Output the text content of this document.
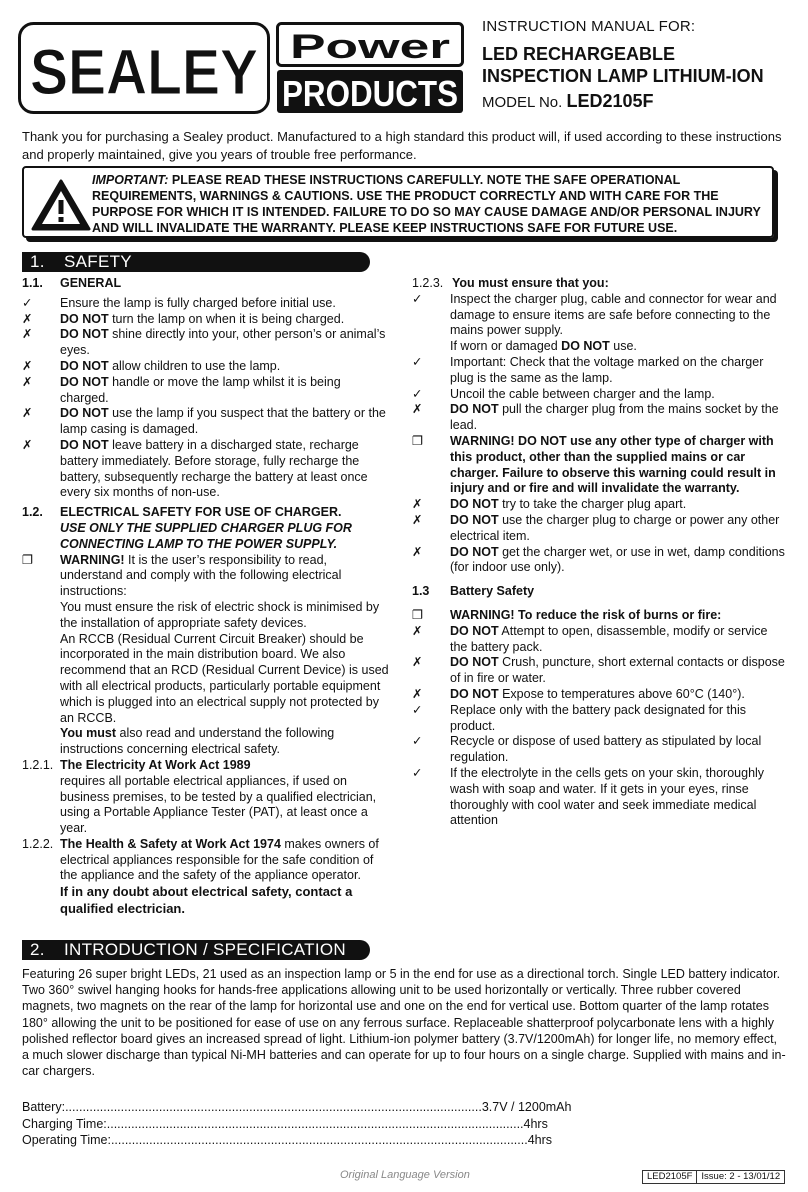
SEALEY Power
PRODUCTS
INSTRUCTION MANUAL FOR:
LED RECHARGEABLE
INSPECTION LAMP LITHIUM-ION
MODEL No. LED2105F
Thank you for purchasing a Sealey product. Manufactured to a high standard this product will, if used according to these instructions and properly maintained, give you years of trouble free performance.
IMPORTANT: PLEASE READ THESE INSTRUCTIONS CAREFULLY. NOTE THE SAFE OPERATIONAL REQUIREMENTS, WARNINGS & CAUTIONS. USE THE PRODUCT CORRECTLY AND WITH CARE FOR THE PURPOSE FOR WHICH IT IS INTENDED. FAILURE TO DO SO MAY CAUSE DAMAGE AND/OR PERSONAL INJURY AND WILL INVALIDATE THE WARRANTY. PLEASE KEEP INSTRUCTIONS SAFE FOR FUTURE USE.
1. SAFETY
1.1.	GENERAL
✓	Ensure the lamp is fully charged before initial use.
✗	DO NOT turn the lamp on when it is being charged.
✗	DO NOT shine directly into your, other person’s or animal’s eyes.
✗	DO NOT allow children to use the lamp.
✗	DO NOT handle or move the lamp whilst it is being charged.
✗	DO NOT use the lamp if you suspect that the battery or the lamp casing is damaged.
✗	DO NOT leave battery in a discharged state, recharge battery immediately. Before storage, fully recharge the battery, subsequently recharge the battery at least once every six months of non-use.
1.2.	ELECTRICAL SAFETY FOR USE OF CHARGER.
USE ONLY THE SUPPLIED CHARGER PLUG FOR CONNECTING LAMP TO THE POWER SUPPLY.
❐	WARNING! It is the user’s responsibility to read, understand and comply with the following electrical instructions:
You must ensure the risk of electric shock is minimised by the installation of appropriate safety devices.
An RCCB (Residual Current Circuit Breaker) should be incorporated in the main distribution board. We also recommend that an RCD (Residual Current Device) is used with all electrical products, particularly portable equipment which is plugged into an electrical supply not protected by an RCCB.
You must also read and understand the following instructions concerning electrical safety.
1.2.1. The Electricity At Work Act 1989
requires all portable electrical appliances, if used on business premises, to be tested by a qualified electrician, using a Portable Appliance Tester (PAT), at least once a year.
1.2.2. The Health & Safety at Work Act 1974 makes owners of electrical appliances responsible for the safe condition of the appliance and the safety of the appliance operator.
If in any doubt about electrical safety, contact a qualified electrician.
1.2.3. You must ensure that you:
✓	Inspect the charger plug, cable and connector for wear and damage to ensure items are safe before connecting to the mains power supply.
If worn or damaged DO NOT use.
✓	Important: Check that the voltage marked on the charger plug is the same as the lamp.
✓	Uncoil the cable between charger and the lamp.
✗	DO NOT pull the charger plug from the mains socket by the lead.
❐	WARNING! DO NOT use any other type of charger with this product, other than the supplied mains or car charger. Failure to observe this warning could result in injury and or fire and will invalidate the warranty.
✗	DO NOT try to take the charger plug apart.
✗	DO NOT use the charger plug to charge or power any other electrical item.
✗	DO NOT get the charger wet, or use in wet, damp conditions (for indoor use only).
1.3	Battery Safety
❐	WARNING! To reduce the risk of burns or fire:
✗	DO NOT Attempt to open, disassemble, modify or service the battery pack.
✗	DO NOT Crush, puncture, short external contacts or dispose of in fire or water.
✗	DO NOT Expose to temperatures above 60°C (140°).
✓	Replace only with the battery pack designated for this product.
✓	Recycle or dispose of used battery as stipulated by local regulation.
✓	If the electrolyte in the cells gets on your skin, thoroughly wash with soap and water. If it gets in your eyes, rinse thoroughly with cool water and seek immediate medical attention
2. INTRODUCTION / SPECIFICATION
Featuring 26 super bright LEDs, 21 used as an inspection lamp or 5 in the end for use as a directional torch. Single LED battery indicator. Two 360° swivel hanging hooks for hands-free applications allowing unit to be used horizontally or vertically. Three rubber covered magnets, two magnets on the rear of the lamp for horizontal use and one on the end for vertical use. Bottom quarter of the lamp rotates 180° allowing the unit to be positioned for ease of use on any ferrous surface. Replaceable shatterproof polycarbonate lens with a highly polished reflector board gives an increased spread of light. Lithium-ion polymer battery (3.7V/1200mAh) for longer life, no memory effect, a much slower discharge than typical Ni-MH batteries and can operate for up to four hours on a single charge. Supplied with mains and in-car chargers.
Battery: ........................................................................................................................ 3.7V / 1200mAh
Charging Time: ........................................................................................................................ 4hrs
Operating Time: ........................................................................................................................ 4hrs
Original Language Version	LED2105F Issue: 2 - 13/01/12
